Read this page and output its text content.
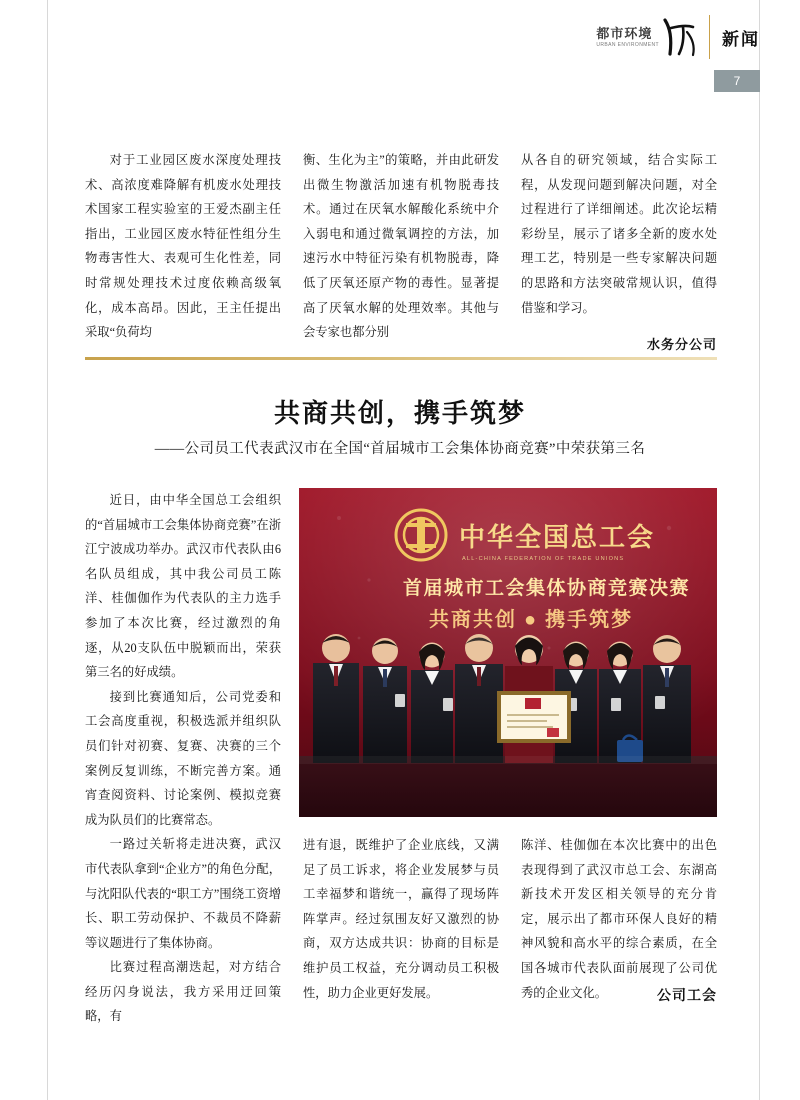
都市环境
URBAN ENVIRONMENT	新闻
7
对于工业园区废水深度处理技术、高浓度难降解有机废水处理技术国家工程实验室的王爱杰副主任指出，工业园区废水特征性组分生物毒害性大、表观可生化性差，同时常规处理技术过度依赖高级氧化，成本高昂。因此，王主任提出采取“负荷均
衡、生化为主”的策略，并由此研发出微生物激活加速有机物脱毒技术。通过在厌氧水解酸化系统中介入弱电和通过微氧调控的方法，加速污水中特征污染有机物脱毒，降低了厌氧还原产物的毒性。显著提高了厌氧水解的处理效率。其他与会专家也都分别
从各自的研究领域，结合实际工程，从发现问题到解决问题，对全过程进行了详细阐述。此次论坛精彩纷呈，展示了诸多全新的废水处理工艺，特别是一些专家解决问题的思路和方法突破常规认识，值得借鉴和学习。
水务分公司
共商共创，携手筑梦
——公司员工代表武汉市在全国“首届城市工会集体协商竞赛”中荣获第三名
近日，由中华全国总工会组织的“首届城市工会集体协商竞赛”在浙江宁波成功举办。武汉市代表队由6名队员组成，其中我公司员工陈洋、桂伽伽作为代表队的主力选手参加了本次比赛，经过激烈的角逐，从20支队伍中脱颖而出，荣获第三名的好成绩。
接到比赛通知后，公司党委和工会高度重视，积极选派并组织队员们针对初赛、复赛、决赛的三个案例反复训练，不断完善方案。通宵查阅资料、讨论案例、模拟竞赛成为队员们的比赛常态。
一路过关斩将走进决赛，武汉市代表队拿到“企业方”的角色分配，与沈阳队代表的“职工方”围绕工资增长、职工劳动保护、不裁员不降薪等议题进行了集体协商。
比赛过程高潮迭起，对方结合经历闪身说法，我方采用迂回策略，有
中华全国总工会
ALL-CHINA FEDERATION OF TRADE UNIONS
首届城市工会集体协商竞赛决赛
共商共创 ● 携手筑梦
进有退，既维护了企业底线，又满足了员工诉求，将企业发展梦与员工幸福梦和谐统一，赢得了现场阵阵掌声。经过氛围友好又激烈的协商，双方达成共识：协商的目标是维护员工权益，充分调动员工积极性，助力企业更好发展。
陈洋、桂伽伽在本次比赛中的出色表现得到了武汉市总工会、东湖高新技术开发区相关领导的充分肯定，展示出了都市环保人良好的精神风貌和高水平的综合素质，在全国各城市代表队面前展现了公司优秀的企业文化。	公司工会
